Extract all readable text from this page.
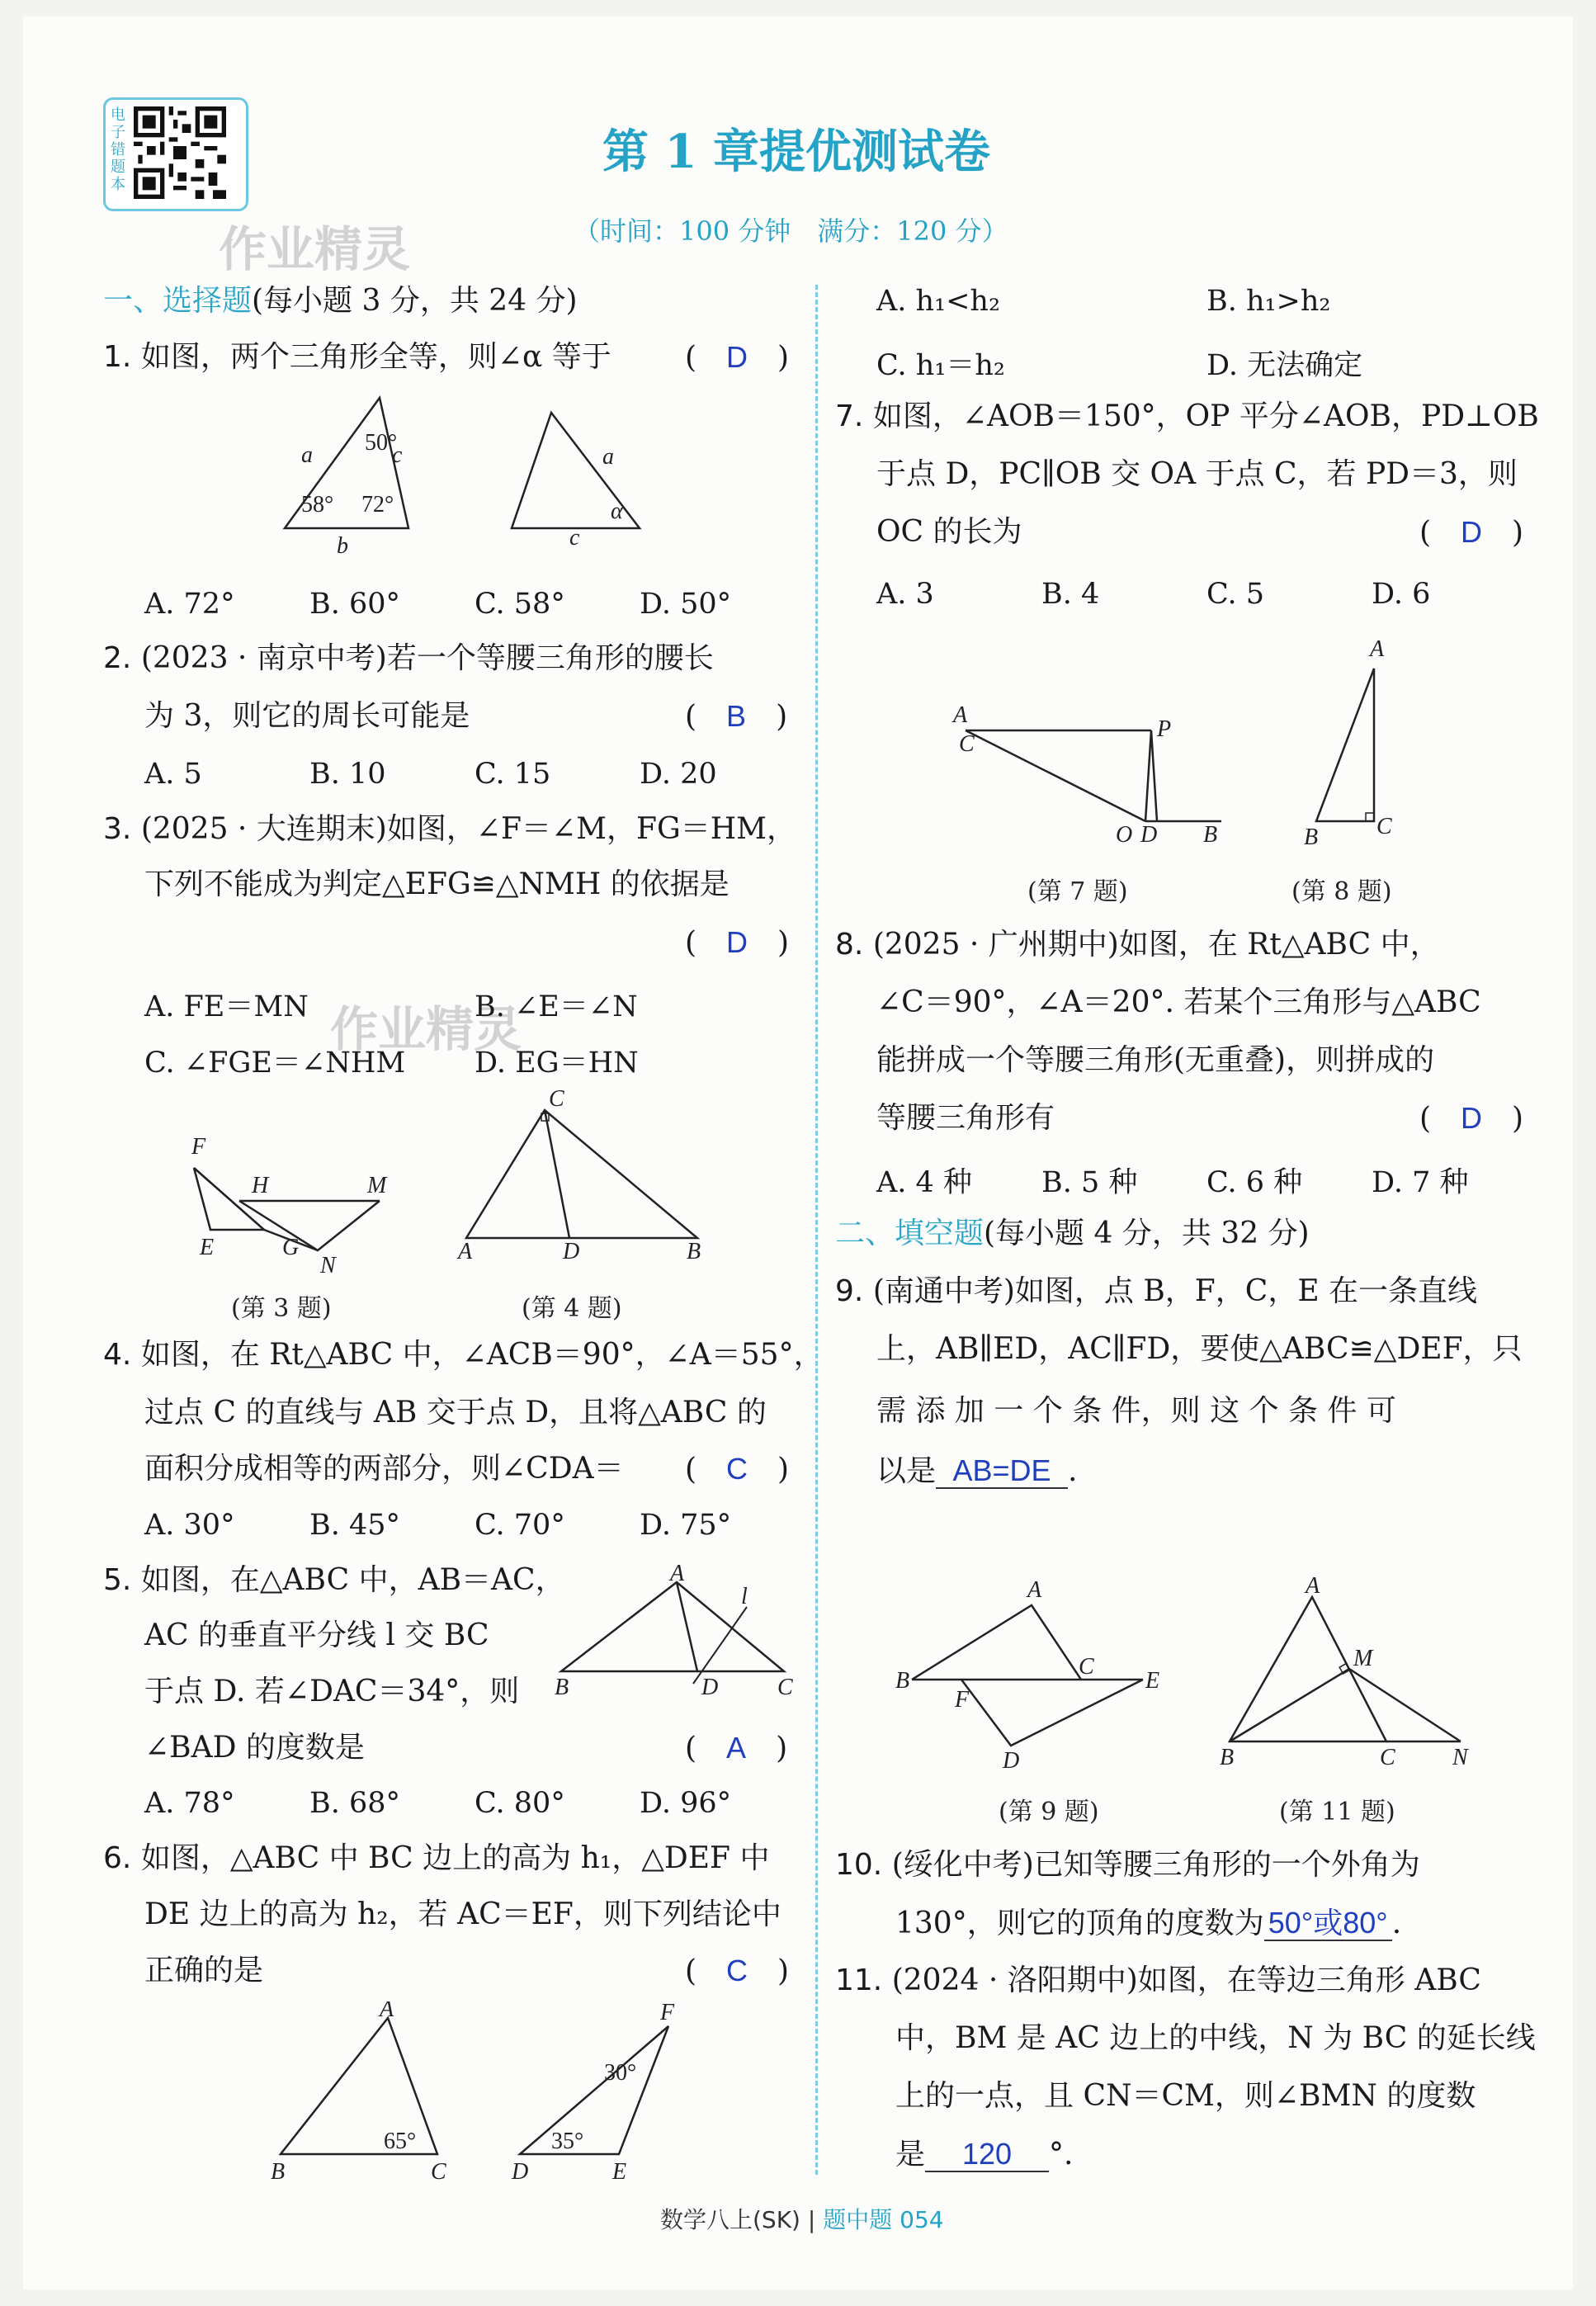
电子错题本
第 1 章提优测试卷
（时间：100 分钟　满分：120 分）
作业精灵
作业精灵
一、选择题(每小题 3 分，共 24 分)
1. 如图，两个三角形全等，则∠α 等于	(　D　)
50°
58° 72°
a	c
b
a
c
α
A. 72°	B. 60°	C. 58°	D. 50°
2. (2023 · 南京中考)若一个等腰三角形的腰长
为 3，则它的周长可能是	(　B　)
A. 5	B. 10	C. 15	D. 20
3. (2025 · 大连期末)如图，∠F＝∠M，FG＝HM，
下列不能成为判定△EFG≌△NMH 的依据是
(　D　)
A. FE＝MN	B. ∠E＝∠N
C. ∠FGE＝∠NHM D. EG＝HN
F
H	M
E	G
N
C
A	D	B
(第 3 题)	(第 4 题)
4. 如图，在 Rt△ABC 中，∠ACB＝90°，∠A＝55°，
过点 C 的直线与 AB 交于点 D，且将△ABC 的
面积分成相等的两部分，则∠CDA＝ (　C　)
A. 30°	B. 45°	C. 70°	D. 75°
5. 如图，在△ABC 中，AB＝AC，
AC 的垂直平分线 l 交 BC
于点 D. 若∠DAC＝34°，则
∠BAD 的度数是	(　A　)
A
B	D	C
l
A. 78°	B. 68°	C. 80°	D. 96°
6. 如图，△ABC 中 BC 边上的高为 h₁，△DEF 中
DE 边上的高为 h₂，若 AC＝EF，则下列结论中
正确的是	(　C　)
A
B	C
65°
F
D	E
30°
35°
A. h₁<h₂	B. h₁>h₂
C. h₁＝h₂	D. 无法确定
7. 如图，∠AOB＝150°，OP 平分∠AOB，PD⊥OB
于点 D，PC∥OB 交 OA 于点 C，若 PD＝3，则
OC 的长为	(　D　)
A. 3	B. 4	C. 5	D. 6
A
C
P
O D B
A
B	C
(第 7 题)	(第 8 题)
8. (2025 · 广州期中)如图，在 Rt△ABC 中，
∠C＝90°，∠A＝20°. 若某个三角形与△ABC
能拼成一个等腰三角形(无重叠)，则拼成的
等腰三角形有	(　D　)
A. 4 种 B. 5 种 C. 6 种 D. 7 种
二、填空题(每小题 4 分，共 32 分)
9. (南通中考)如图，点 B，F，C，E 在一条直线
上，AB∥ED，AC∥FD，要使△ABC≌△DEF，只
需 添 加 一 个 条 件，则 这 个 条 件 可
以是 AB=DE .
A
B
F
C
E
D
A
M
B	C N
(第 9 题)	(第 11 题)
10. (绥化中考)已知等腰三角形的一个外角为
130°，则它的顶角的度数为 50°或80° .
11. (2024 · 洛阳期中)如图，在等边三角形 ABC
中，BM 是 AC 边上的中线，N 为 BC 的延长线
上的一点，且 CN＝CM，则∠BMN 的度数
是 120 °.
数学八上(SK) | 题中题 054
